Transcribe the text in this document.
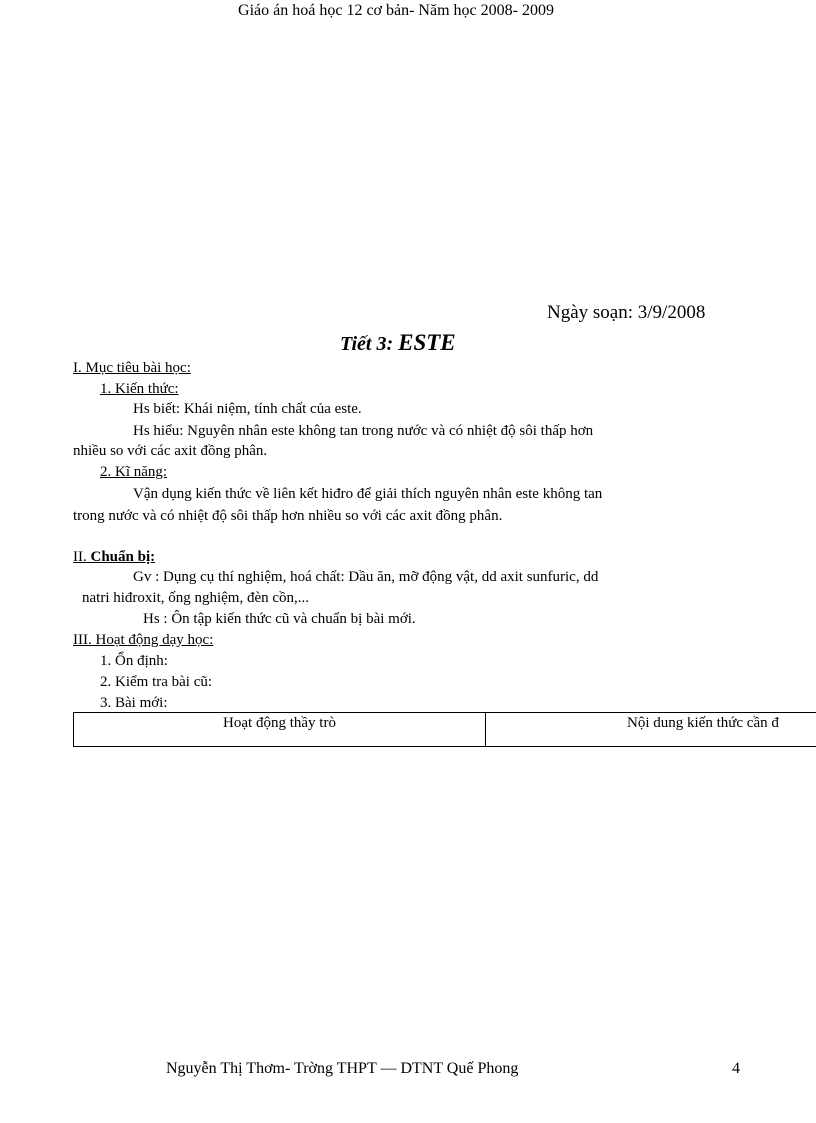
Giáo án hoá học 12 cơ bản- Năm học 2008- 2009
Ngày soạn: 3/9/2008
Tiết 3: ESTE
I. Mục tiêu bài học:
1. Kiến thức:
Hs biết: Khái niệm, tính chất của este.
Hs hiểu: Nguyên nhân este không tan trong nước và có nhiệt độ sôi thấp hơn
nhiều so với các axit đồng phân.
2. Kĩ năng:
Vận dụng kiến thức về liên kết hiđro để giải thích nguyên nhân este không tan
trong nước và có nhiệt độ sôi thấp hơn nhiều so với các axit đồng phân.
II. Chuẩn bị:
Gv : Dụng cụ thí nghiệm, hoá chất: Dầu ăn, mỡ động vật, dd axit sunfuric, dd
natri hiđroxit, ống nghiệm, đèn cồn,...
Hs : Ôn tập kiến thức cũ và chuẩn bị bài mới.
III. Hoạt động dạy học:
1. Ổn định:
2. Kiểm tra bài cũ:
3. Bài mới:
Hoạt động thầy trò	Nội dung kiến thức cần đ
Nguyễn Thị Thơm- Trờng THPT — DTNT Quế Phong	4
